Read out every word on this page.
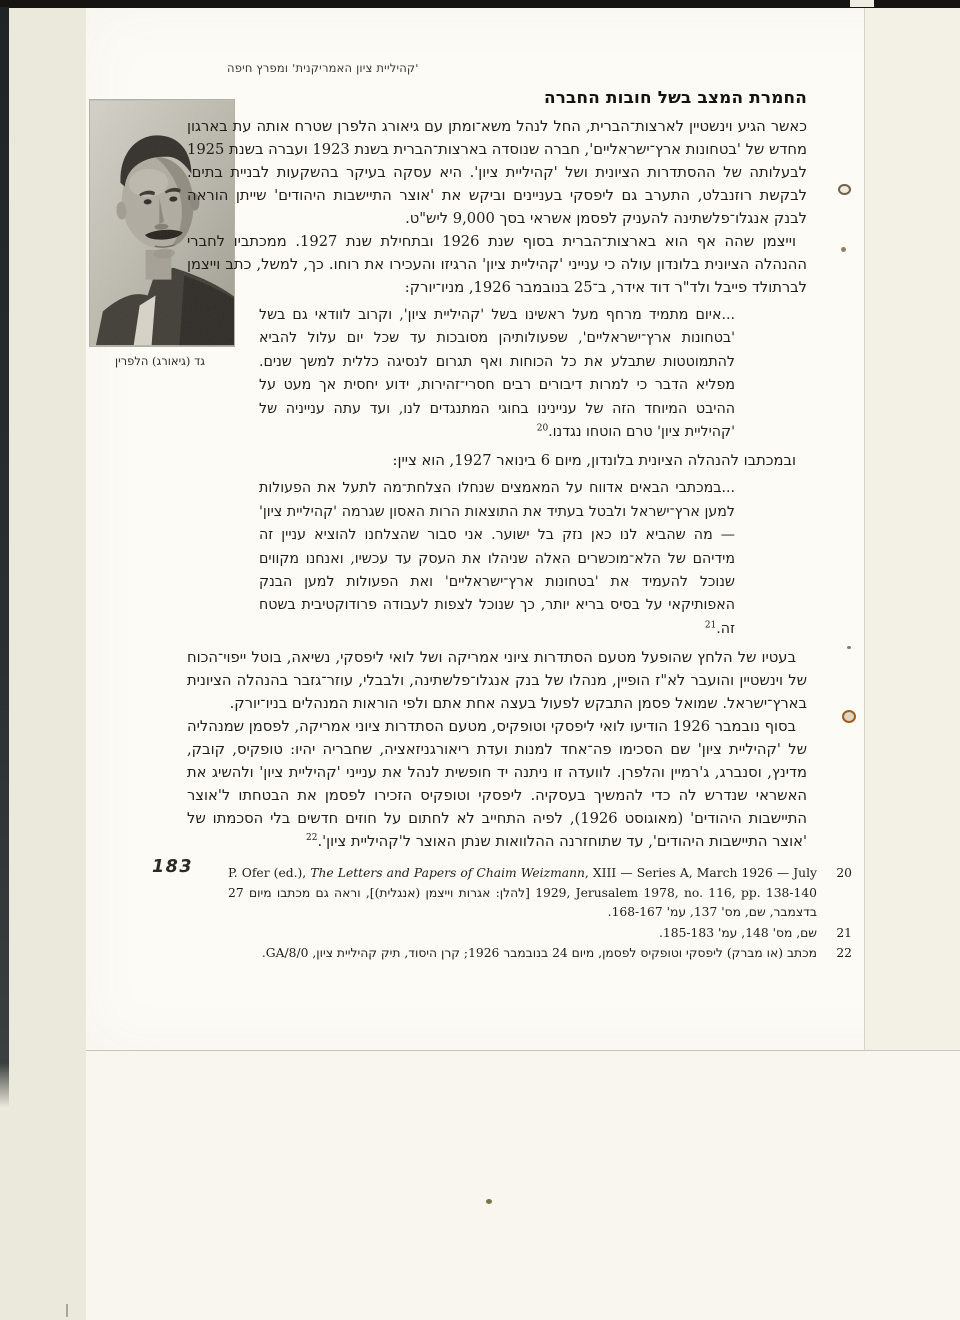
'קהיליית ציון האמריקנית' ומפרץ חיפה
גד (גיאורג) הלפרין
183
החמרת המצב בשל חובות החברה

כאשר הגיע וינשטיין לארצות־הברית, החל לנהל משא־ומתן עם גיאורג הלפרן שטרח אותה עת בארגון מחדש של 'בטחונות ארץ־ישראליים', חברה שנוסדה בארצות־הברית בשנת 1923 ועברה בשנת 1925 לבעלותה של ההסתדרות הציונית ושל 'קהיליית ציון'. היא עסקה בעיקר בהשקעות לבניית בתים. לבקשת רוזנבלט, התערב גם ליפסקי בעניינים וביקש את 'אוצר התיישבות היהודים' שייתן הוראה לבנק אנגלו־פלשתינה להעניק לפסמן אשראי בסך 9,000 ליש"ט.

וייצמן שהה אף הוא בארצות־הברית בסוף שנת 1926 ובתחילת שנת 1927. ממכתביו לחברי ההנהלה הציונית בלונדון עולה כי ענייני 'קהיליית ציון' הרגיזו והעכירו את רוחו. כך, למשל, כתב וייצמן לברתולד פייבל ולד"ר דוד אידר, ב־25 בנובמבר 1926, מניו־יורק:

...איום מתמיד מרחף מעל ראשינו בשל 'קהיליית ציון', וקרוב לוודאי גם בשל 'בטחונות ארץ־ישראליים', שפעולותיהן מסובכות עד שכל יום עלול להביא להתמוטטות שתבלע את כל הכוחות ואף תגרום לנסיגה כללית למשך שנים. מפליא הדבר כי למרות דיבורים רבים חסרי־זהירות, ידוע יחסית אך מעט על ההיבט המיוחד הזה של עניינינו בחוגי המתנגדים לנו, ועד עתה ענייניה של 'קהיליית ציון' טרם הוטחו נגדנו.$^{20}$

ובמכתבו להנהלה הציונית בלונדון, מיום 6 בינואר 1927, הוא ציין:

...במכתבי הבאים אדווח על המאמצים שנחלו הצלחת־מה לתעל את הפעולות למען ארץ־ישראל ולבטל בעתיד את התוצאות הרות האסון שגרמה 'קהיליית ציון' — מה שהביא לנו כאן נזק בל ישוער. אני סבור שהצלחנו להוציא עניין זה מידיהם של הלא־מוכשרים האלה שניהלו את העסק עד עכשיו, ואנחנו מקווים שנוכל להעמיד את 'בטחונות ארץ־ישראליים' ואת הפעולות למען הבנק האפותיקאי על בסיס בריא יותר, כך שנוכל לצפות לעבודה פרודוקטיבית בשטח זה.$^{21}$

בעטיו של הלחץ שהופעל מטעם הסתדרות ציוני אמריקה ושל לואי ליפסקי, נשיאה, בוטל ייפוי־הכוח של וינשטיין והועבר לא"ז הופיין, מנהלו של בנק אנגלו־פלשתינה, ולבבלי, עוזר־גזבר בהנהלה הציונית בארץ־ישראל. שמואל פסמן התבקש לפעול בעצה אחת אתם ולפי הוראות המנהלים בניו־יורק.

בסוף נובמבר 1926 הודיעו לואי ליפסקי וטופקיס, מטעם הסתדרות ציוני אמריקה, לפסמן שמנהליה של 'קהיליית ציון' שם הסכימו פה־אחד למנות ועדת ריאורגניזאציה, שחבריה יהיו: טופקיס, קובק, מדינץ, וסנברג, ג'רמיין והלפרן. לוועדה זו ניתנה יד חופשית לנהל את ענייני 'קהיליית ציון' ולהשיג את האשראי שנדרש לה כדי להמשיך בעסקיה. ליפסקי וטופקיס הזכירו לפסמן את הבטחתו ל'אוצר התיישבות היהודים' (מאוגוסט 1926), לפיה התחייב לא לחתום על חוזים חדשים בלי הסכמתו של 'אוצר התיישבות היהודים', עד שתוחזרנה ההלוואות שנתן האוצר ל'קהיליית ציון'.$^{22}$

20

P. Ofer (ed.), The Letters and Papers of Chaim Weizmann, XIII — Series A, March 1926 — July 1929, Jerusalem 1978, no. 116, pp. 138-140 [להלן: אגרות וייצמן (אנגלית)], וראה גם מכתבו מיום 27 בדצמבר, שם, מס' 137, עמ' 168-167.

21

שם, מס' 148, עמ' 185-183.

22

מכתב (או מברק) ליפסקי וטופקיס לפסמן, מיום 24 בנובמבר 1926; קרן היסוד, תיק קהיליית ציון, GA/8/0.
